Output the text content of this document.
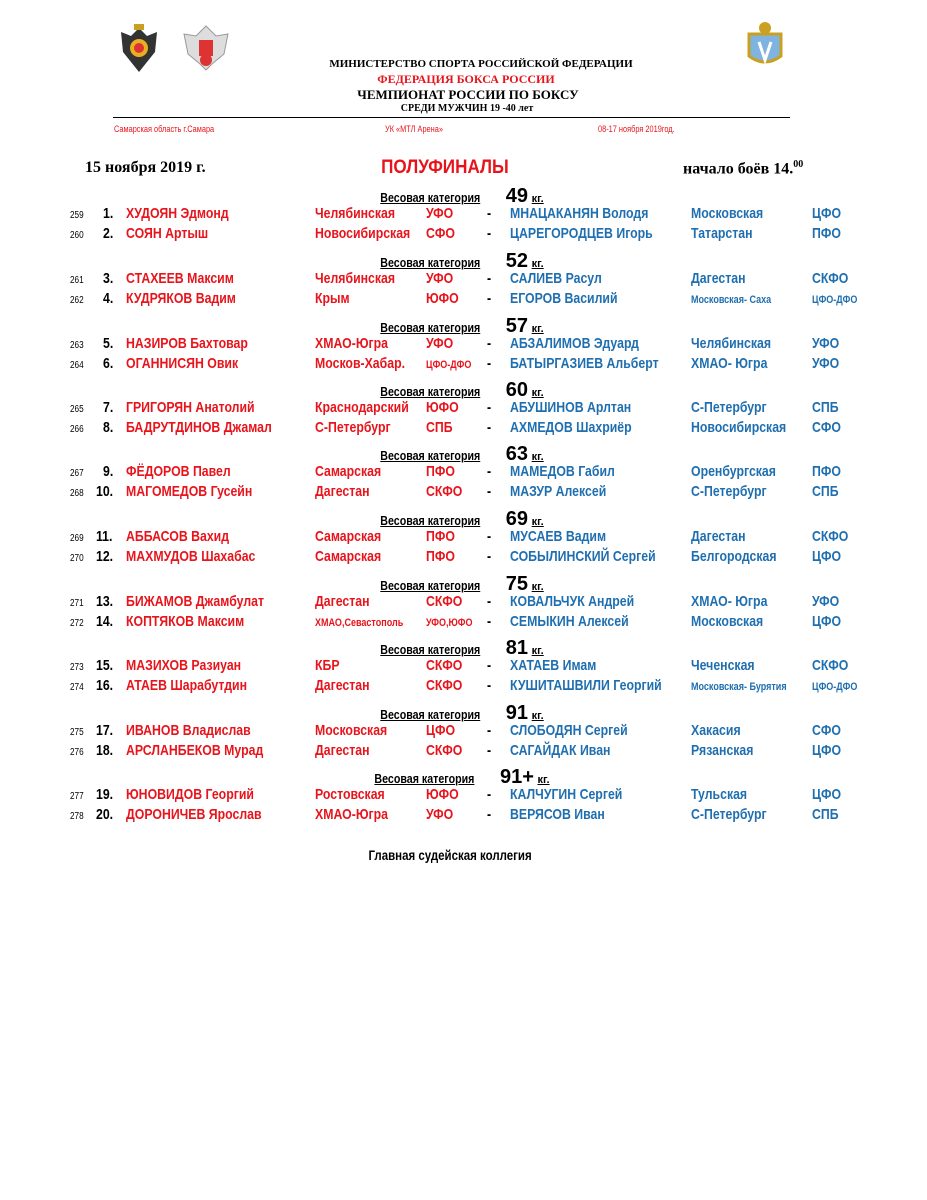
МИНИСТЕРСТВО СПОРТА РОССИЙСКОЙ ФЕДЕРАЦИИ
ФЕДЕРАЦИЯ БОКСА РОССИИ
ЧЕМПИОНАТ РОССИИ ПО БОКСУ
СРЕДИ МУЖЧИН 19 -40 лет
Самарская область г.Самара	УК «МТЛ Арена»	08-17 ноября 2019год.
15 ноября 2019 г.	ПОЛУФИНАЛЫ	начало боёв 14.00
Весовая категория 49 кг.
259 1. ХУДОЯН Эдмонд	Челябинская	УФО	МНАЦАКАНЯН Володя	Московская	ЦФО
-
260 2. СОЯН Артыш	Новосибирская	СФО	ЦАРЕГОРОДЦЕВ Игорь	Татарстан	ПФО
-
Весовая категория 52 кг.
261 3. СТАХЕЕВ Максим	Челябинская	УФО	САЛИЕВ Расул	Дагестан	СКФО
-
262 4. КУДРЯКОВ Вадим	Крым	ЮФО	ЕГОРОВ Василий	Московская- Саха	ЦФО-ДФО
-
Весовая категория 57 кг.
263 5. НАЗИРОВ Бахтовар	ХМАО-Югра	УФО	АБЗАЛИМОВ Эдуард	Челябинская	УФО
-
264 6. ОГАННИСЯН Овик	Москов-Хабар.	ЦФО-ДФО	БАТЫРГАЗИЕВ Альберт	ХМАО- Югра	УФО
-
Весовая категория 60 кг.
265 7. ГРИГОРЯН Анатолий	Краснодарский	ЮФО	АБУШИНОВ Арлтан	С-Петербург	СПБ
-
266 8. БАДРУТДИНОВ Джамал	С-Петербург	СПБ	АХМЕДОВ Шахриёр	Новосибирская	СФО
-
Весовая категория 63 кг.
267 9. ФЁДОРОВ Павел	Самарская	ПФО	МАМЕДОВ Габил	Оренбургская	ПФО
-
268 10. МАГОМЕДОВ Гусейн	Дагестан	СКФО	МАЗУР Алексей	С-Петербург	СПБ
-
Весовая категория 69 кг.
269 11. АББАСОВ Вахид	Самарская	ПФО	МУСАЕВ Вадим	Дагестан	СКФО
-
270 12. МАХМУДОВ Шахабас	Самарская	ПФО	СОБЫЛИНСКИЙ Сергей	Белгородская	ЦФО
-
Весовая категория 75 кг.
271 13. БИЖАМОВ Джамбулат	Дагестан	СКФО	КОВАЛЬЧУК Андрей	ХМАО- Югра	УФО
-
272 14. КОПТЯКОВ Максим	ХМАО,Севастополь	УФО,ЮФО	СЕМЫКИН Алексей	Московская	ЦФО
-
Весовая категория 81 кг.
273 15. МАЗИХОВ Разиуан	КБР	СКФО	ХАТАЕВ Имам	Чеченская	СКФО
-
274 16. АТАЕВ Шарабутдин	Дагестан	СКФО	КУШИТАШВИЛИ Георгий	Московская- Бурятия	ЦФО-ДФО
-
Весовая категория 91 кг.
275 17. ИВАНОВ Владислав	Московская	ЦФО	СЛОБОДЯН Сергей	Хакасия	СФО
-
276 18. АРСЛАНБЕКОВ Мурад	Дагестан	СКФО	САГАЙДАК Иван	Рязанская	ЦФО
-
Весовая категория 91+ кг.
277 19. ЮНОВИДОВ Георгий	Ростовская	ЮФО	КАЛЧУГИН Сергей	Тульская	ЦФО
-
278 20. ДОРОНИЧЕВ Ярослав	ХМАО-Югра	УФО	ВЕРЯСОВ Иван	С-Петербург	СПБ
-
Главная судейская коллегия
